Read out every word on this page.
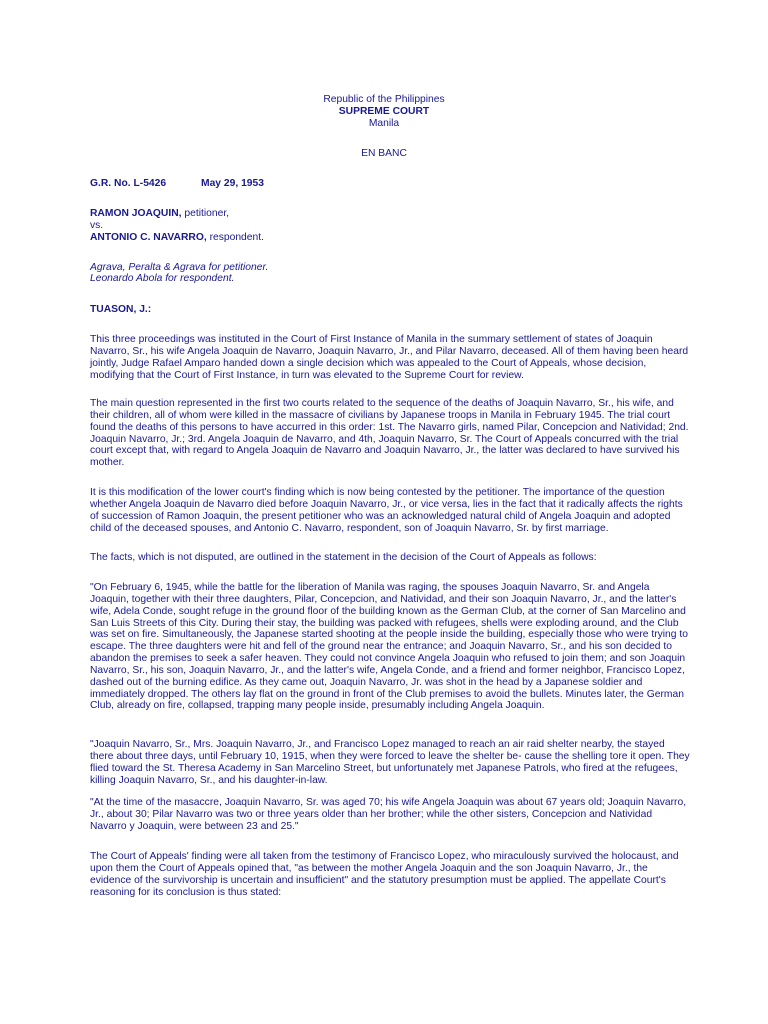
Republic of the Philippines
SUPREME COURT
Manila
EN BANC
G.R. No. L-5426	May 29, 1953
RAMON JOAQUIN, petitioner,
vs.
ANTONIO C. NAVARRO, respondent.
Agrava, Peralta & Agrava for petitioner.
Leonardo Abola for respondent.
TUASON, J.:

This three proceedings was instituted in the Court of First Instance of Manila in the summary settlement of states of Joaquin Navarro, Sr., his wife Angela Joaquin de Navarro, Joaquin Navarro, Jr., and Pilar Navarro, deceased. All of them having been heard jointly, Judge Rafael Amparo handed down a single decision which was appealed to the Court of Appeals, whose decision, modifying that the Court of First Instance, in turn was elevated to the Supreme Court for review.

The main question represented in the first two courts related to the sequence of the deaths of Joaquin Navarro, Sr., his wife, and their children, all of whom were killed in the massacre of civilians by Japanese troops in Manila in February 1945. The trial court found the deaths of this persons to have accurred in this order: 1st. The Navarro girls, named Pilar, Concepcion and Natividad; 2nd. Joaquin Navarro, Jr.; 3rd. Angela Joaquin de Navarro, and 4th, Joaquin Navarro, Sr. The Court of Appeals concurred with the trial court except that, with regard to Angela Joaquin de Navarro and Joaquin Navarro, Jr., the latter was declared to have survived his mother.

It is this modification of the lower court's finding which is now being contested by the petitioner. The importance of the question whether Angela Joaquin de Navarro died before Joaquin Navarro, Jr., or vice versa, lies in the fact that it radically affects the rights of succession of Ramon Joaquin, the present petitioner who was an acknowledged natural child of Angela Joaquin and adopted child of the deceased spouses, and Antonio C. Navarro, respondent, son of Joaquin Navarro, Sr. by first marriage.

The facts, which is not disputed, are outlined in the statement in the decision of the Court of Appeals as follows:

"On February 6, 1945, while the battle for the liberation of Manila was raging, the spouses Joaquin Navarro, Sr. and Angela Joaquin, together with their three daughters, Pilar, Concepcion, and Natividad, and their son Joaquin Navarro, Jr., and the latter's wife, Adela Conde, sought refuge in the ground floor of the building known as the German Club, at the corner of San Marcelino and San Luis Streets of this City. During their stay, the building was packed with refugees, shells were exploding around, and the Club was set on fire. Simultaneously, the Japanese started shooting at the people inside the building, especially those who were trying to escape. The three daughters were hit and fell of the ground near the entrance; and Joaquin Navarro, Sr., and his son decided to abandon the premises to seek a safer heaven. They could not convince Angela Joaquin who refused to join them; and son Joaquin Navarro, Sr., his son, Joaquin Navarro, Jr., and the latter's wife, Angela Conde, and a friend and former neighbor, Francisco Lopez, dashed out of the burning edifice. As they came out, Joaquin Navarro, Jr. was shot in the head by a Japanese soldier and immediately dropped. The others lay flat on the ground in front of the Club premises to avoid the bullets. Minutes later, the German Club, already on fire, collapsed, trapping many people inside, presumably including Angela Joaquin.

"Joaquin Navarro, Sr., Mrs. Joaquin Navarro, Jr., and Francisco Lopez managed to reach an air raid shelter nearby, the stayed there about three days, until February 10, 1915, when they were forced to leave the shelter be- cause the shelling tore it open. They flied toward the St. Theresa Academy in San Marcelino Street, but unfortunately met Japanese Patrols, who fired at the refugees, killing Joaquin Navarro, Sr., and his daughter-in-law.

"At the time of the masaccre, Joaquin Navarro, Sr. was aged 70; his wife Angela Joaquin was about 67 years old; Joaquin Navarro, Jr., about 30; Pilar Navarro was two or three years older than her brother; while the other sisters, Concepcion and Natividad Navarro y Joaquin, were between 23 and 25."

The Court of Appeals' finding were all taken from the testimony of Francisco Lopez, who miraculously survived the holocaust, and upon them the Court of Appeals opined that, "as between the mother Angela Joaquin and the son Joaquin Navarro, Jr., the evidence of the survivorship is uncertain and insufficient" and the statutory presumption must be applied. The appellate Court's reasoning for its conclusion is thus stated:
